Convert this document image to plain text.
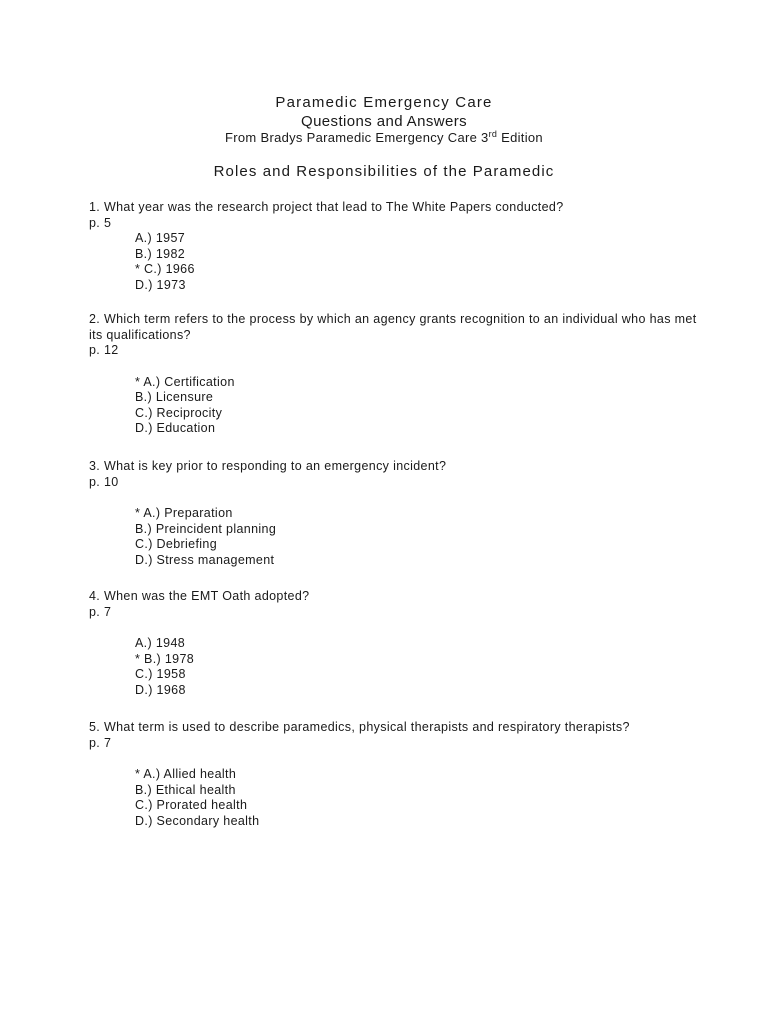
Paramedic Emergency Care
Questions and Answers
From Bradys Paramedic Emergency Care 3rd Edition
Roles and Responsibilities of the Paramedic
1. What year was the research project that lead to The White Papers conducted?
p. 5
A.) 1957
B.) 1982
* C.) 1966
D.) 1973
2. Which term refers to the process by which an agency grants recognition to an individual who has met its qualifications?
p. 12
* A.) Certification
B.) Licensure
C.) Reciprocity
D.) Education
3. What is key prior to responding to an emergency incident?
p. 10
* A.) Preparation
B.) Preincident planning
C.) Debriefing
D.) Stress management
4. When was the EMT Oath adopted?
p. 7
A.) 1948
* B.) 1978
C.) 1958
D.) 1968
5. What term is used to describe paramedics, physical therapists and respiratory therapists?
p. 7
* A.) Allied health
B.) Ethical health
C.) Prorated health
D.) Secondary health
